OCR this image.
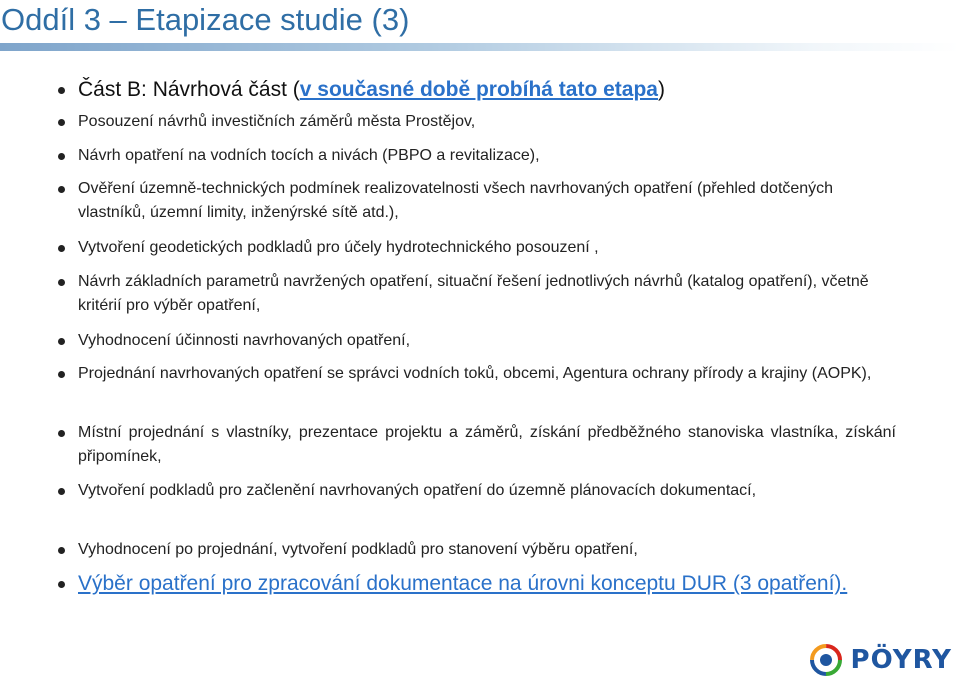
Oddíl 3 – Etapizace studie (3)

Část B: Návrhová část (v současné době probíhá tato etapa)

Posouzení návrhů investičních záměrů města Prostějov,

Návrh opatření na vodních tocích a nivách (PBPO a revitalizace),

Ověření územně-technických podmínek realizovatelnosti všech navrhovaných opatření (přehled dotčených vlastníků, územní limity, inženýrské sítě atd.),

Vytvoření geodetických podkladů pro účely hydrotechnického posouzení ,

Návrh základních parametrů navržených opatření, situační řešení jednotlivých návrhů (katalog opatření), včetně kritérií pro výběr opatření,

Vyhodnocení účinnosti navrhovaných opatření,

Projednání navrhovaných opatření se správci vodních toků, obcemi, Agentura ochrany přírody a krajiny (AOPK),

Místní projednání s vlastníky, prezentace projektu a záměrů, získání předběžného stanoviska vlastníka, získání připomínek,

Vytvoření podkladů pro začlenění navrhovaných opatření do územně plánovacích dokumentací,

Vyhodnocení po projednání, vytvoření podkladů pro stanovení výběru opatření,

Výběr opatření pro zpracování dokumentace na úrovni konceptu DUR (3 opatření).

PÖYRY
